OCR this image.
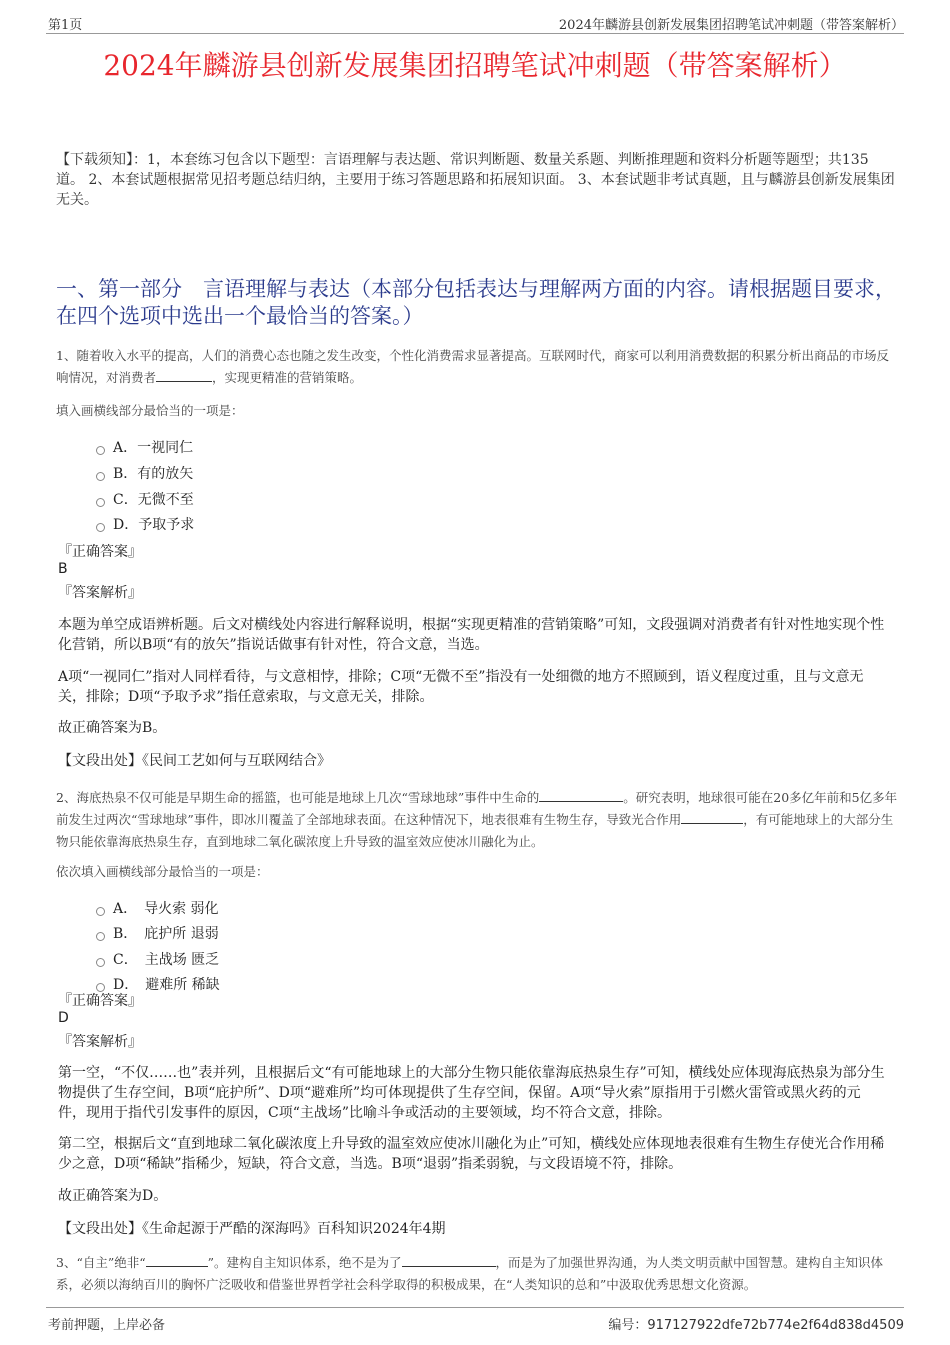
第1页	2024年麟游县创新发展集团招聘笔试冲刺题（带答案解析）
2024年麟游县创新发展集团招聘笔试冲刺题（带答案解析）
【下载须知】：1，本套练习包含以下题型：言语理解与表达题、常识判断题、数量关系题、判断推理题和资料分析题等题型；共135道。 2、本套试题根据常见招考题总结归纳，主要用于练习答题思路和拓展知识面。 3、本套试题非考试真题，且与麟游县创新发展集团无关。
一、第一部分　言语理解与表达（本部分包括表达与理解两方面的内容。请根据题目要求，在四个选项中选出一个最恰当的答案。）
1、随着收入水平的提高，人们的消费心态也随之发生改变，个性化消费需求显著提高。互联网时代，商家可以利用消费数据的积累分析出商品的市场反响情况，对消费者	，实现更精准的营销策略。
填入画横线部分最恰当的一项是：
A．一视同仁
B．有的放矢
C．无微不至
D．予取予求
『正确答案』
B
『答案解析』
本题为单空成语辨析题。后文对横线处内容进行解释说明，根据“实现更精准的营销策略”可知，文段强调对消费者有针对性地实现个性化营销，所以B项“有的放矢”指说话做事有针对性，符合文意，当选。
A项“一视同仁”指对人同样看待，与文意相悖，排除；C项“无微不至”指没有一处细微的地方不照顾到，语义程度过重，且与文意无关，排除；D项“予取予求”指任意索取，与文意无关，排除。
故正确答案为B。
【文段出处】《民间工艺如何与互联网结合》
2、海底热泉不仅可能是早期生命的摇篮，也可能是地球上几次“雪球地球”事件中生命的	。研究表明，地球很可能在20多亿年前和5亿多年前发生过两次“雪球地球”事件，即冰川覆盖了全部地球表面。在这种情况下，地表很难有生物生存，导致光合作用	，有可能地球上的大部分生物只能依靠海底热泉生存，直到地球二氧化碳浓度上升导致的温室效应使冰川融化为止。
依次填入画横线部分最恰当的一项是：
A．　导火索 弱化
B．　庇护所 退弱
C．　主战场 匮乏
D．　避难所 稀缺
『正确答案』
D
『答案解析』
第一空，“不仅……也”表并列，且根据后文“有可能地球上的大部分生物只能依靠海底热泉生存”可知，横线处应体现海底热泉为部分生物提供了生存空间，B项“庇护所”、D项“避难所”均可体现提供了生存空间，保留。A项“导火索”原指用于引燃火雷管或黑火药的元件，现用于指代引发事件的原因，C项“主战场”比喻斗争或活动的主要领域，均不符合文意，排除。
第二空，根据后文“直到地球二氧化碳浓度上升导致的温室效应使冰川融化为止”可知，横线处应体现地表很难有生物生存使光合作用稀少之意，D项“稀缺”指稀少，短缺，符合文意，当选。B项“退弱”指柔弱貌，与文段语境不符，排除。
故正确答案为D。
【文段出处】《生命起源于严酷的深海吗》百科知识2024年4期
3、“自主”绝非“	”。建构自主知识体系，绝不是为了	，而是为了加强世界沟通，为人类文明贡献中国智慧。建构自主知识体系，必须以海纳百川的胸怀广泛吸收和借鉴世界哲学社会科学取得的积极成果，在“人类知识的总和”中汲取优秀思想文化资源。
考前押题，上岸必备	编号：917127922dfe72b774e2f64d838d4509
